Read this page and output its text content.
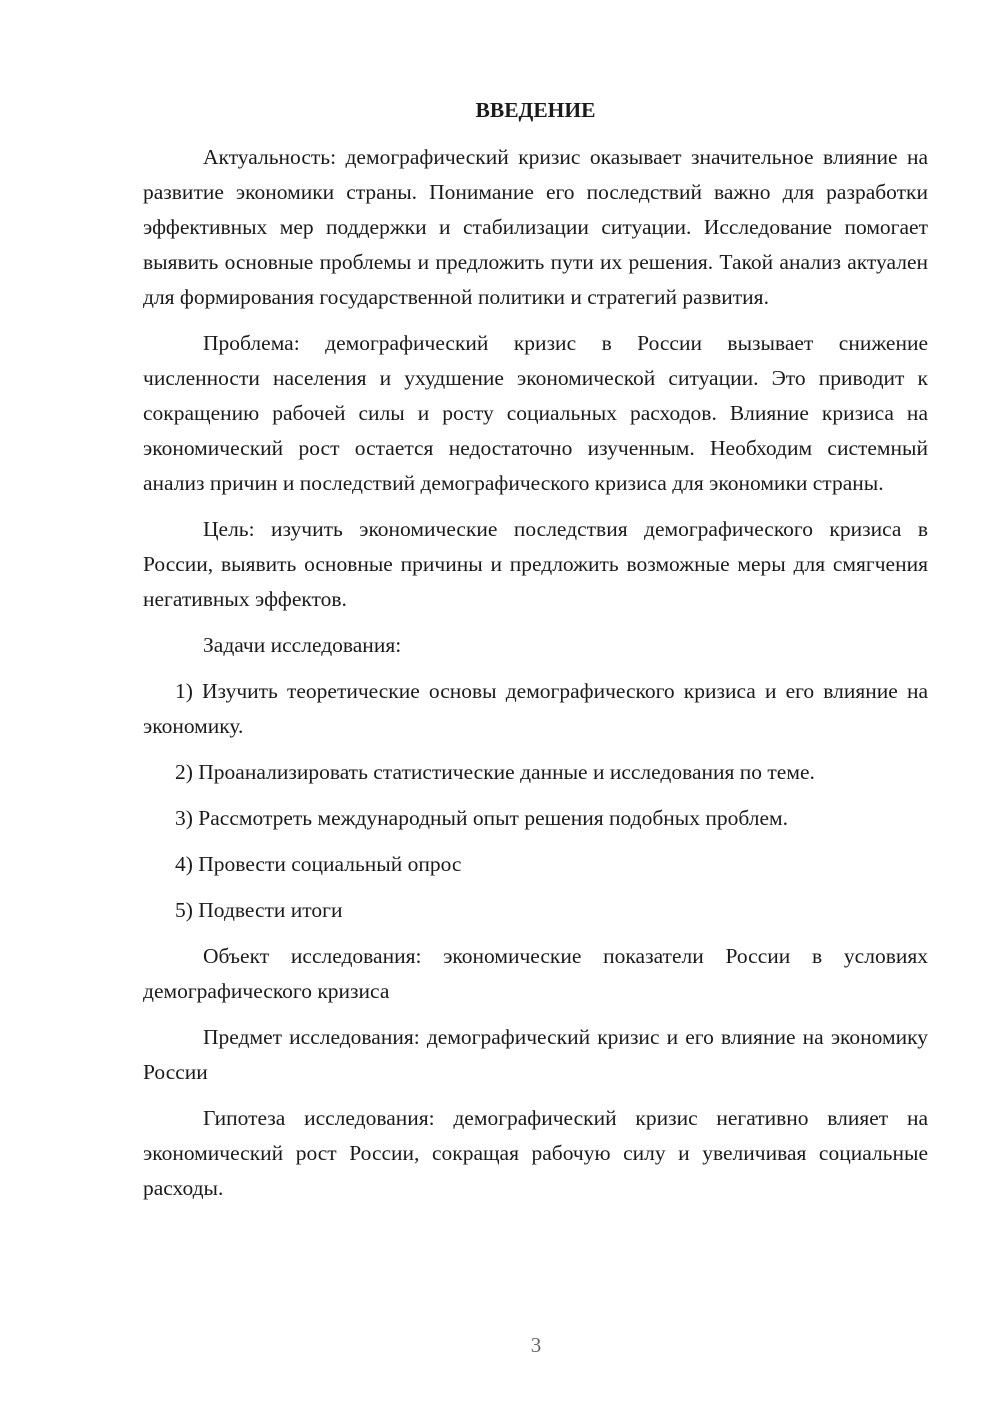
ВВЕДЕНИЕ

Актуальность: демографический кризис оказывает значительное влияние на развитие экономики страны. Понимание его последствий важно для разработки эффективных мер поддержки и стабилизации ситуации. Исследование помогает выявить основные проблемы и предложить пути их решения. Такой анализ актуален для формирования государственной политики и стратегий развития.

Проблема: демографический кризис в России вызывает снижение численности населения и ухудшение экономической ситуации. Это приводит к сокращению рабочей силы и росту социальных расходов. Влияние кризиса на экономический рост остается недостаточно изученным. Необходим системный анализ причин и последствий демографического кризиса для экономики страны.

Цель: изучить экономические последствия демографического кризиса в России, выявить основные причины и предложить возможные меры для смягчения негативных эффектов.

Задачи исследования:

1) Изучить теоретические основы демографического кризиса и его влияние на экономику.

2) Проанализировать статистические данные и исследования по теме.

3) Рассмотреть международный опыт решения подобных проблем.

4) Провести социальный опрос

5) Подвести итоги

Объект исследования: экономические показатели России в условиях демографического кризиса

Предмет исследования: демографический кризис и его влияние на экономику России

Гипотеза исследования: демографический кризис негативно влияет на экономический рост России, сокращая рабочую силу и увеличивая социальные расходы.

3
